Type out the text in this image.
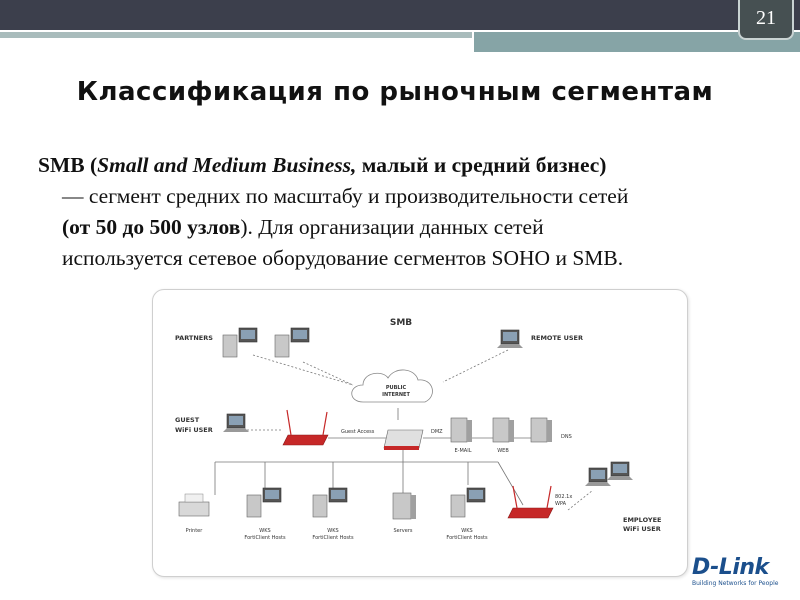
21
Классификация по рыночным сегментам
SMB (Small and Medium Business, малый и средний бизнес)
— сегмент средних по масштабу и производительности сетей
(от 50 до 500 узлов). Для организации данных сетей
используется сетевое оборудование сегментов SOHO и SMB.
SMB
PARTNERS	REMOTE USER
PUBLIC
INTERNET
GUEST
WiFi USER	Guest Access	DMZ
E-MAIL	WEB
DNS
Printer	WKS
FortiClient Hosts
WKS
FortiClient Hosts
Servers	WKS
FortiClient Hosts
802.1x
WPA
EMPLOYEE
WiFi USER
D-Link
Building Networks for People
